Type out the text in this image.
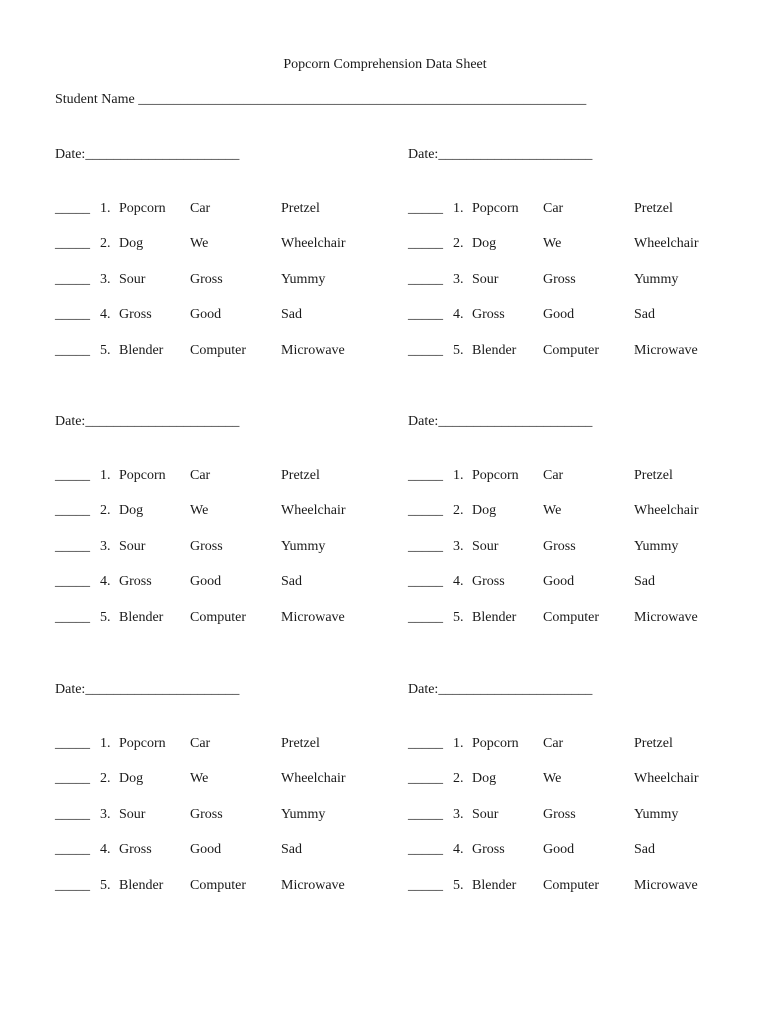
Popcorn Comprehension Data Sheet
Student Name ________________________________________________________________
Date:______________________
_____ 1. Popcorn Car	Pretzel
_____ 2. Dog	We	Wheelchair
_____ 3. Sour	Gross	Yummy
_____ 4. Gross	Good	Sad
_____ 5. Blender Computer	Microwave
Date:______________________
_____ 1. Popcorn Car	Pretzel
_____ 2. Dog	We	Wheelchair
_____ 3. Sour	Gross	Yummy
_____ 4. Gross	Good	Sad
_____ 5. Blender Computer	Microwave
Date:______________________
_____ 1. Popcorn Car	Pretzel
_____ 2. Dog	We	Wheelchair
_____ 3. Sour	Gross	Yummy
_____ 4. Gross	Good	Sad
_____ 5. Blender Computer	Microwave
Date:______________________
_____ 1. Popcorn Car	Pretzel
_____ 2. Dog	We	Wheelchair
_____ 3. Sour	Gross	Yummy
_____ 4. Gross	Good	Sad
_____ 5. Blender Computer	Microwave
Date:______________________
_____ 1. Popcorn Car	Pretzel
_____ 2. Dog	We	Wheelchair
_____ 3. Sour	Gross	Yummy
_____ 4. Gross	Good	Sad
_____ 5. Blender Computer	Microwave
Date:______________________
_____ 1. Popcorn Car	Pretzel
_____ 2. Dog	We	Wheelchair
_____ 3. Sour	Gross	Yummy
_____ 4. Gross	Good	Sad
_____ 5. Blender Computer	Microwave
